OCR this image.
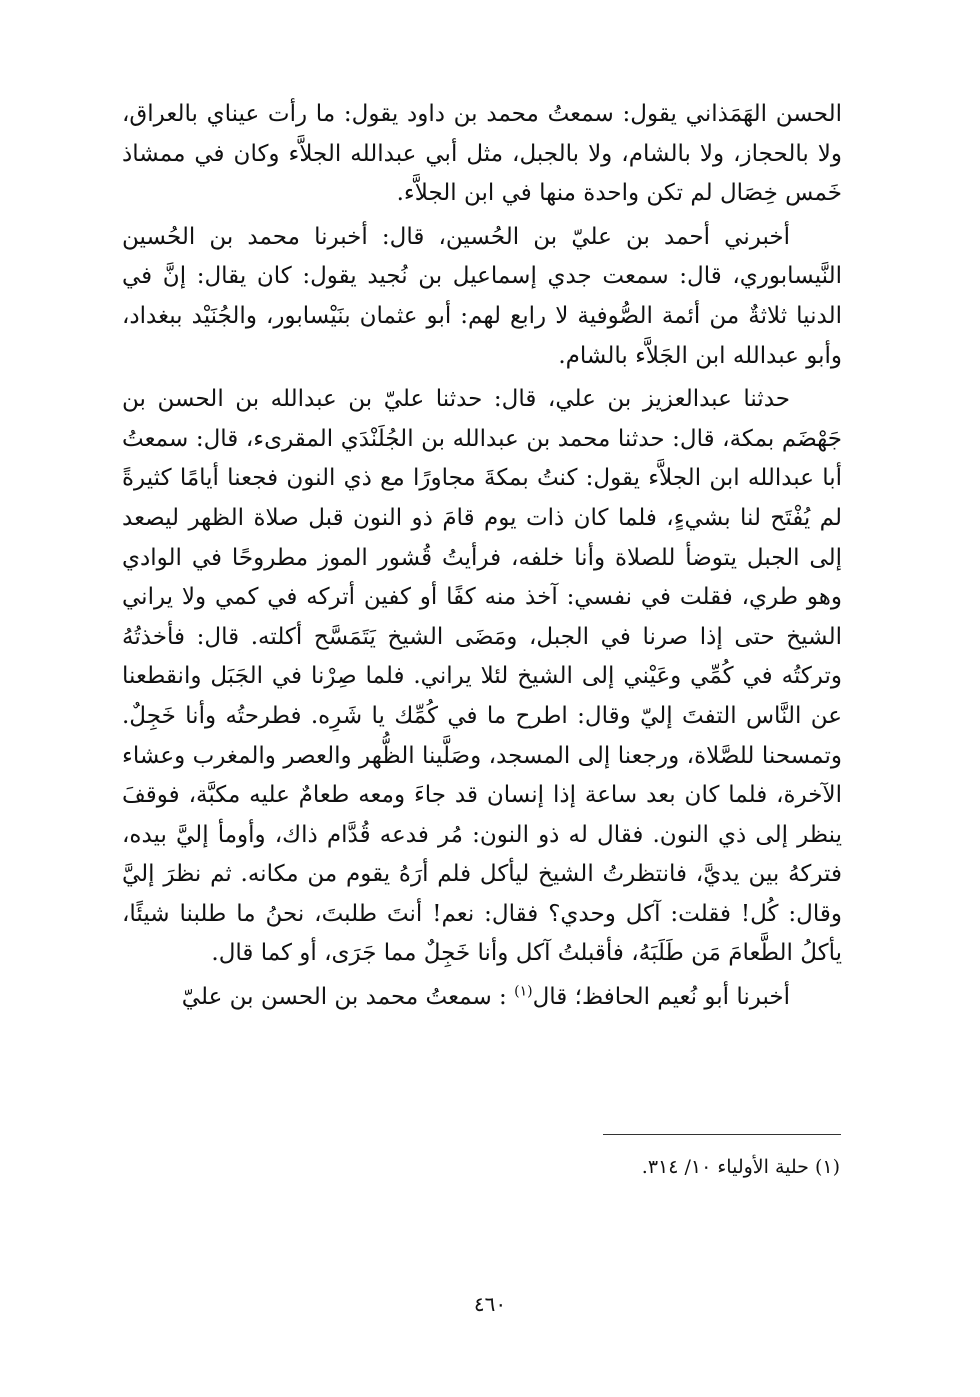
الحسن الهَمَذاني يقول: سمعتُ محمد بن داود يقول: ما رأت عيناي بالعراق، ولا بالحجاز، ولا بالشام، ولا بالجبل، مثل أبي عبدالله الجلاَّء وكان في ممشاذ خَمس خِصَال لم تكن واحدة منها في ابن الجلاَّء.

أخبرني أحمد بن عليّ بن الحُسين، قال: أخبرنا محمد بن الحُسين النَّيسابوري، قال: سمعت جدي إسماعيل بن نُجيد يقول: كان يقال: إنَّ في الدنيا ثلاثةٌ من أئمة الصُّوفية لا رابع لهم: أبو عثمان بنَيْسابور، والجُنَيْد ببغداد، وأبو عبدالله ابن الجَلاَّء بالشام.

حدثنا عبدالعزيز بن علي، قال: حدثنا عليّ بن عبدالله بن الحسن بن جَهْضَم بمكة، قال: حدثنا محمد بن عبدالله بن الجُلَنْدَي المقرىء، قال: سمعتُ أبا عبدالله ابن الجلاَّء يقول: كنتُ بمكةَ مجاورًا مع ذي النون فجعنا أيامًا كثيرةً لم يُفْتَح لنا بشيءٍ، فلما كان ذات يوم قامَ ذو النون قبل صلاة الظهر ليصعد إلى الجبل يتوضأ للصلاة وأنا خلفه، فرأيتُ قُشور الموز مطروحًا في الوادي وهو طري، فقلت في نفسي: آخذ منه كفًا أو كفين أتركه في كمي ولا يراني الشيخ حتى إذا صرنا في الجبل، ومَضَى الشيخ يَتَمَسَّح أكلته. قال: فأخذتُهُ وتركتُه في كُمِّي وعَيْني إلى الشيخ لئلا يراني. فلما صِرْنا في الجَبَل وانقطعنا عن النَّاس التفتَ إليّ وقال: اطرح ما في كُمِّك يا شَرِه. فطرحتُه وأنا خَجِلٌ. وتمسحنا للصَّلاة، ورجعنا إلى المسجد، وصَلَّينا الظُّهر والعصر والمغرب وعشاء الآخرة، فلما كان بعد ساعة إذا إنسان قد جاءَ ومعه طعامٌ عليه مكبَّة، فوقفَ ينظر إلى ذي النون. فقال له ذو النون: مُر فدعه قُدَّام ذاك، وأومأ إليَّ بيده، فتركهُ بين يديَّ، فانتظرتُ الشيخ ليأكل فلم أرَهُ يقوم من مكانه. ثم نظرَ إليَّ وقال: كُل! فقلت: آكل وحدي؟ فقال: نعم! أنتَ طلبتَ، نحنُ ما طلبنا شيئًا، يأكلُ الطَّعامَ مَن طَلَبَهُ، فأقبلتُ آكل وأنا خَجِلٌ مما جَرَى، أو كما قال.

أخبرنا أبو نُعيم الحافظ؛ قال$^{(١)}$ : سمعتُ محمد بن الحسن بن عليّ

(١) حلية الأولياء ١٠/ ٣١٤.

٤٦٠
